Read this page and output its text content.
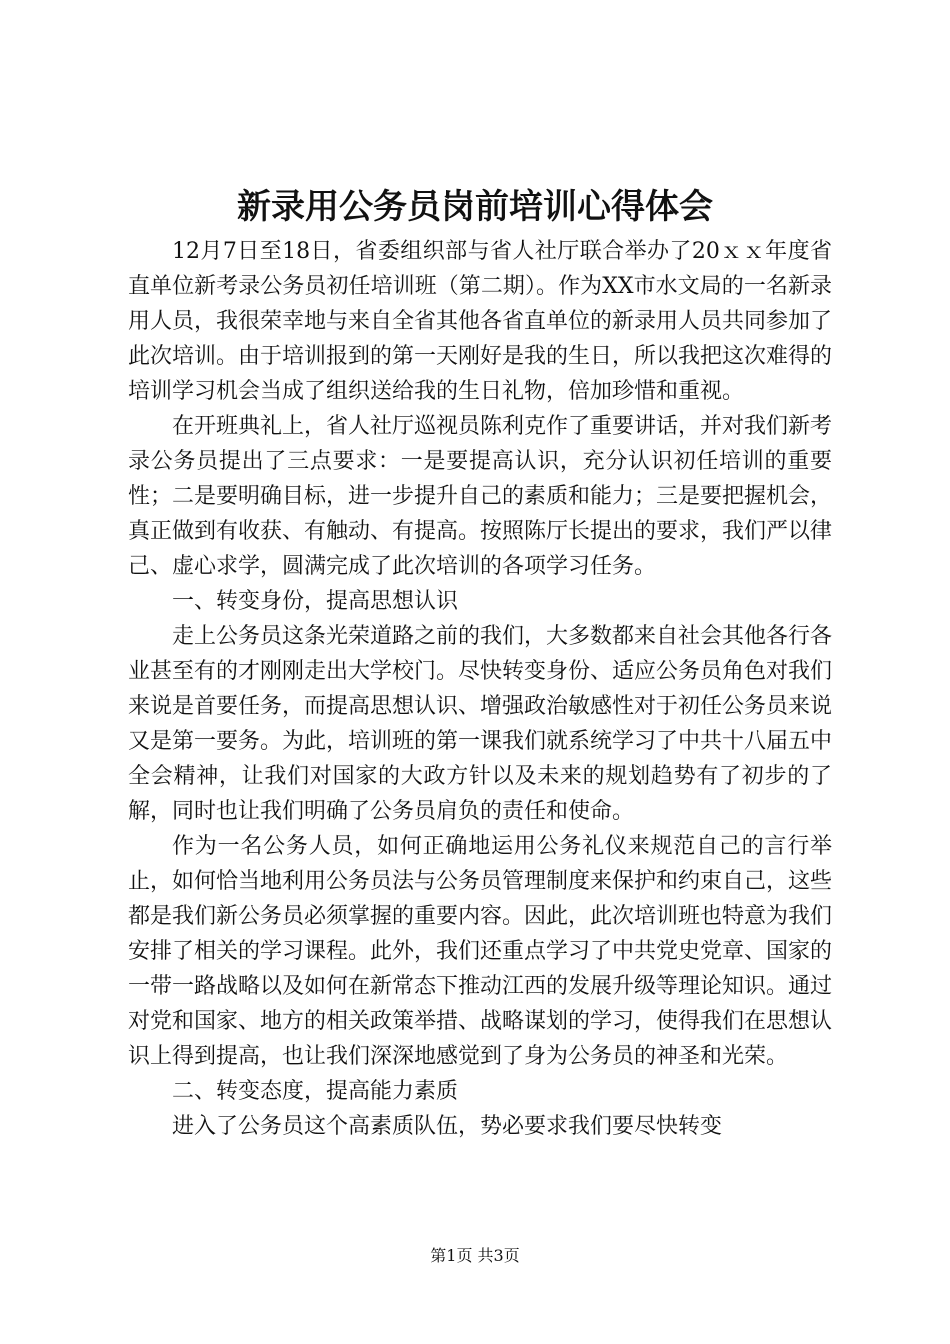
新录用公务员岗前培训心得体会

12月7日至18日，省委组织部与省人社厅联合举办了20ｘｘ年度省直单位新考录公务员初任培训班（第二期）。作为XX市水文局的一名新录用人员，我很荣幸地与来自全省其他各省直单位的新录用人员共同参加了此次培训。由于培训报到的第一天刚好是我的生日，所以我把这次难得的培训学习机会当成了组织送给我的生日礼物，倍加珍惜和重视。

在开班典礼上，省人社厅巡视员陈利克作了重要讲话，并对我们新考录公务员提出了三点要求：一是要提高认识，充分认识初任培训的重要性；二是要明确目标，进一步提升自己的素质和能力；三是要把握机会，真正做到有收获、有触动、有提高。按照陈厅长提出的要求，我们严以律己、虚心求学，圆满完成了此次培训的各项学习任务。

一、转变身份，提高思想认识

走上公务员这条光荣道路之前的我们，大多数都来自社会其他各行各业甚至有的才刚刚走出大学校门。尽快转变身份、适应公务员角色对我们来说是首要任务，而提高思想认识、增强政治敏感性对于初任公务员来说又是第一要务。为此，培训班的第一课我们就系统学习了中共十八届五中全会精神，让我们对国家的大政方针以及未来的规划趋势有了初步的了解，同时也让我们明确了公务员肩负的责任和使命。

作为一名公务人员，如何正确地运用公务礼仪来规范自己的言行举止，如何恰当地利用公务员法与公务员管理制度来保护和约束自己，这些都是我们新公务员必须掌握的重要内容。因此，此次培训班也特意为我们安排了相关的学习课程。此外，我们还重点学习了中共党史党章、国家的一带一路战略以及如何在新常态下推动江西的发展升级等理论知识。通过对党和国家、地方的相关政策举措、战略谋划的学习，使得我们在思想认识上得到提高，也让我们深深地感觉到了身为公务员的神圣和光荣。

二、转变态度，提高能力素质

进入了公务员这个高素质队伍，势必要求我们要尽快转变

第1页 共3页
